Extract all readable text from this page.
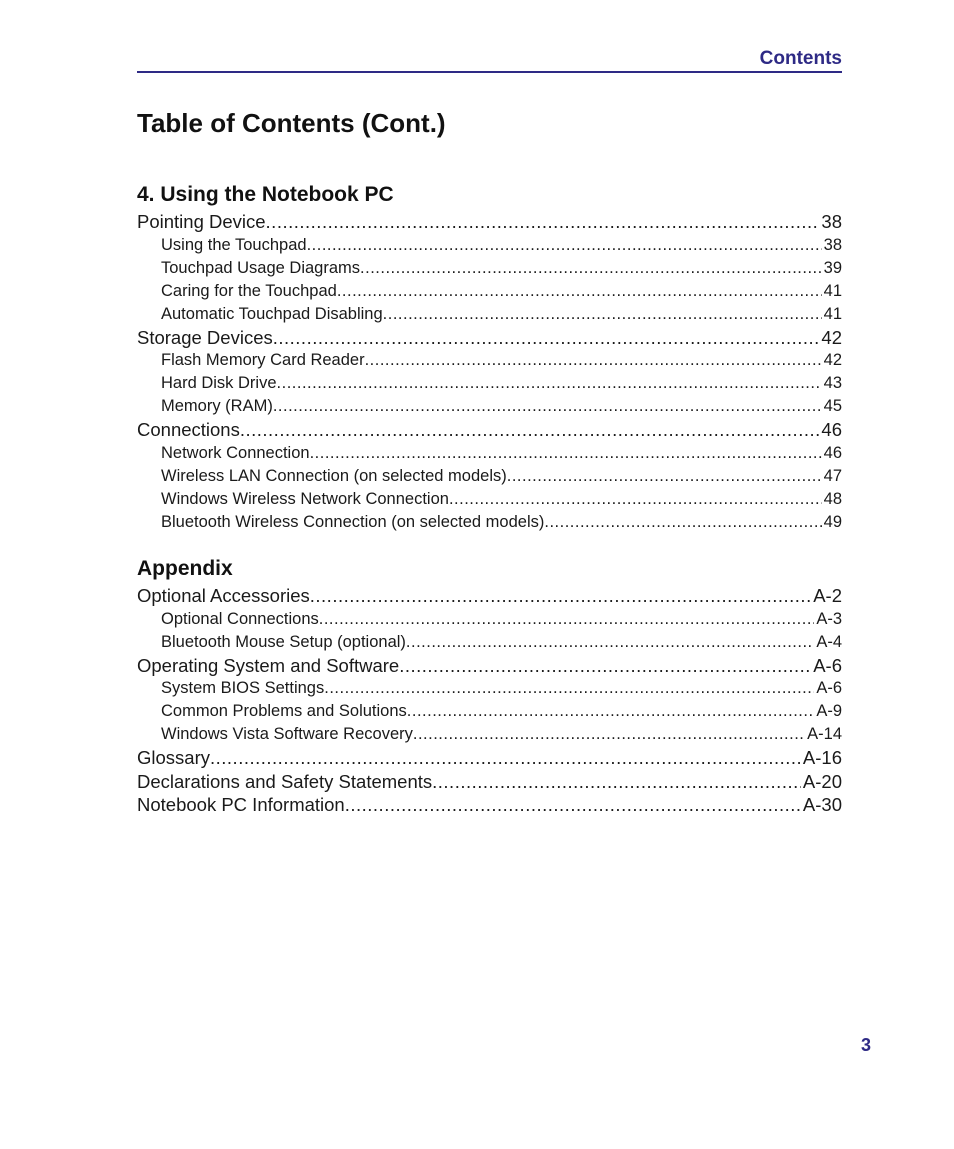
Contents
Table of Contents (Cont.)
4. Using the Notebook PC
Pointing Device .....	38
Using the Touchpad .....	38
Touchpad Usage Diagrams .....	39
Caring for the Touchpad .....	41
Automatic Touchpad Disabling .....	41
Storage Devices .....	42
Flash Memory Card Reader .....	42
Hard Disk Drive .....	43
Memory (RAM) .....	45
Connections .....	46
Network Connection .....	46
Wireless LAN Connection (on selected models) .....	47
Windows Wireless Network Connection .....	48
Bluetooth Wireless Connection (on selected models) .....	49
Appendix
Optional Accessories .....	A-2
Optional Connections .....	A-3
Bluetooth Mouse Setup (optional) .....	A-4
Operating System and Software .....	A-6
System BIOS Settings .....	A-6
Common Problems and Solutions .....	A-9
Windows Vista Software Recovery .....	A-14
Glossary .....	A-16
Declarations and Safety Statements .....	A-20
Notebook PC Information .....	A-30
3
